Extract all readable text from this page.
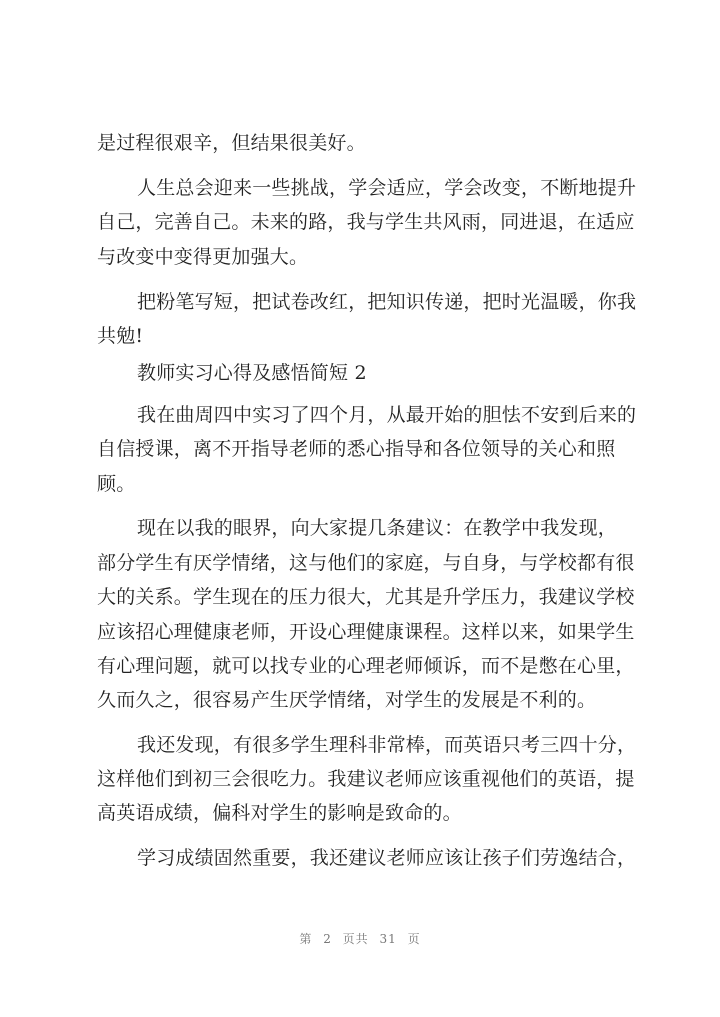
是过程很艰辛，但结果很美好。
人生总会迎来一些挑战，学会适应，学会改变，不断地提升
自己，完善自己。未来的路，我与学生共风雨，同进退，在适应
与改变中变得更加强大。
把粉笔写短，把试卷改红，把知识传递，把时光温暖，你我
共勉!
教师实习心得及感悟简短 2
我在曲周四中实习了四个月，从最开始的胆怯不安到后来的
自信授课，离不开指导老师的悉心指导和各位领导的关心和照
顾。
现在以我的眼界，向大家提几条建议：在教学中我发现，
部分学生有厌学情绪，这与他们的家庭，与自身，与学校都有很
大的关系。学生现在的压力很大，尤其是升学压力，我建议学校
应该招心理健康老师，开设心理健康课程。这样以来，如果学生
有心理问题，就可以找专业的心理老师倾诉，而不是憋在心里，
久而久之，很容易产生厌学情绪，对学生的发展是不利的。
我还发现，有很多学生理科非常棒，而英语只考三四十分，
这样他们到初三会很吃力。我建议老师应该重视他们的英语，提
高英语成绩，偏科对学生的影响是致命的。
学习成绩固然重要，我还建议老师应该让孩子们劳逸结合，
第 2 页共 31 页
